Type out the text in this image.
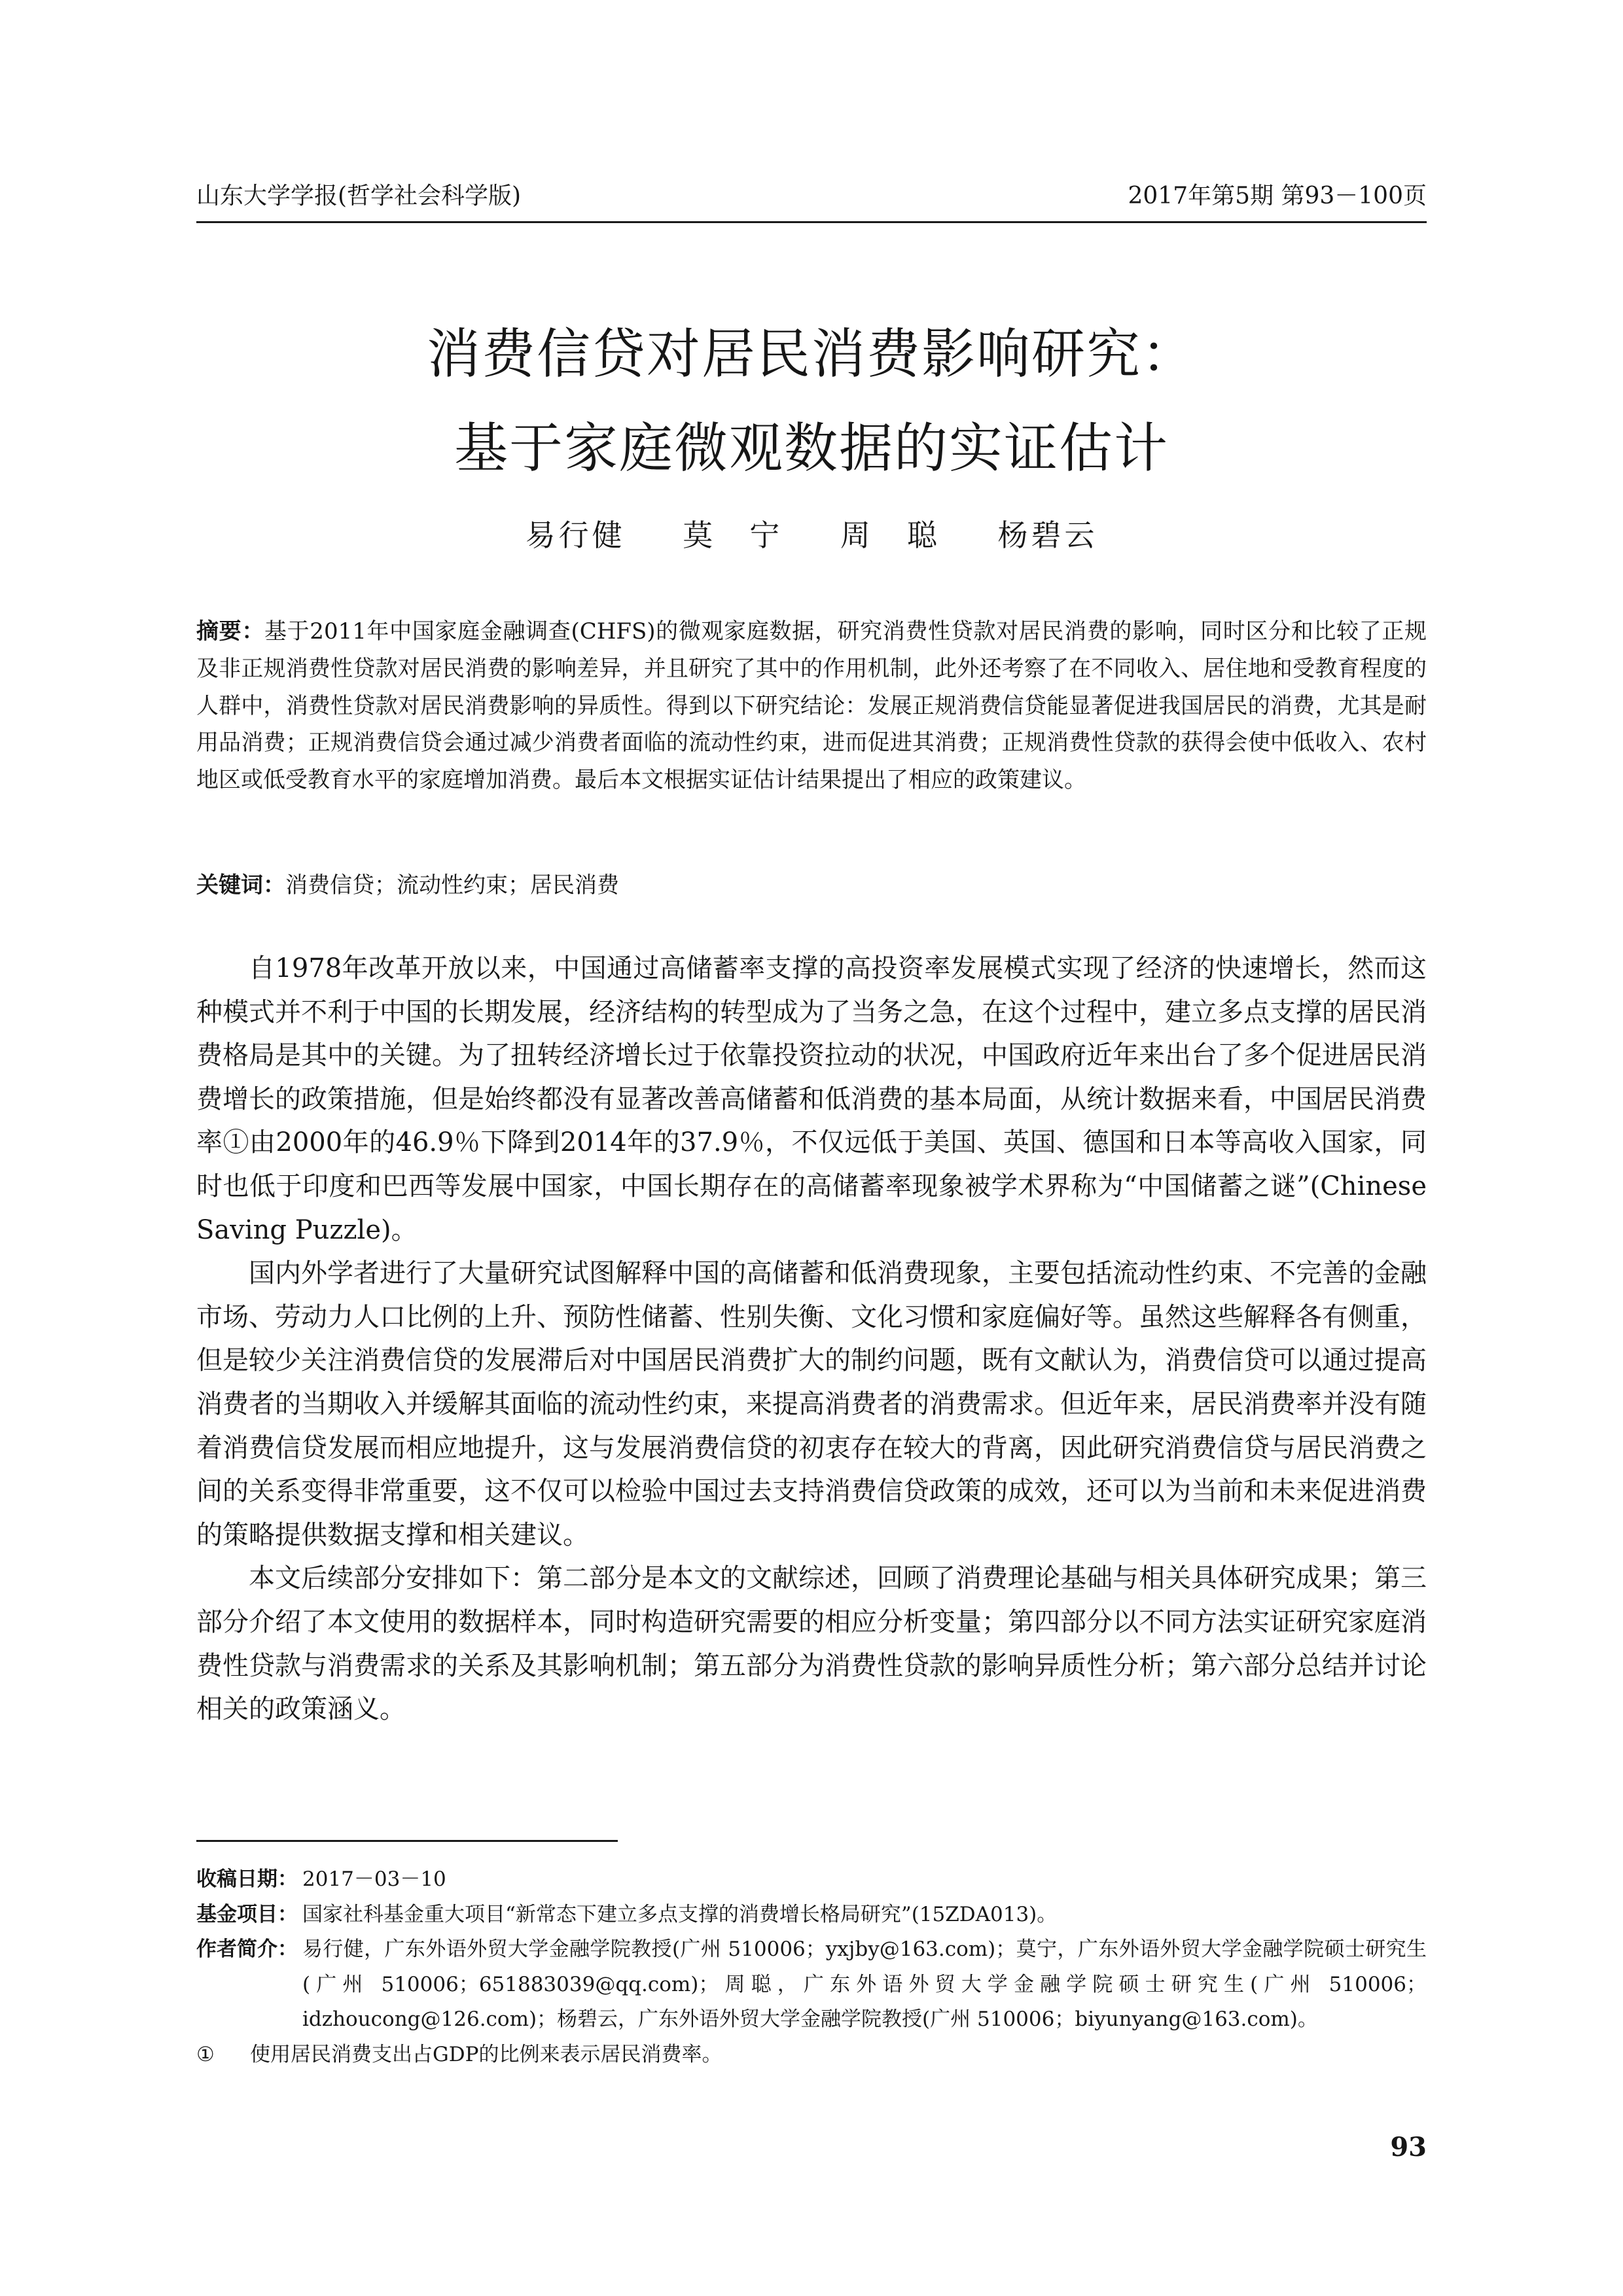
山东大学学报(哲学社会科学版)	2017年第5期 第93－100页
消费信贷对居民消费影响研究：
基于家庭微观数据的实证估计
易行健 莫　宁 周　聪 杨碧云
摘要：基于2011年中国家庭金融调查(CHFS)的微观家庭数据，研究消费性贷款对居民消费的影响，同时区分和比较了正规及非正规消费性贷款对居民消费的影响差异，并且研究了其中的作用机制，此外还考察了在不同收入、居住地和受教育程度的人群中，消费性贷款对居民消费影响的异质性。得到以下研究结论：发展正规消费信贷能显著促进我国居民的消费，尤其是耐用品消费；正规消费信贷会通过减少消费者面临的流动性约束，进而促进其消费；正规消费性贷款的获得会使中低收入、农村地区或低受教育水平的家庭增加消费。最后本文根据实证估计结果提出了相应的政策建议。
关键词：消费信贷；流动性约束；居民消费

自1978年改革开放以来，中国通过高储蓄率支撑的高投资率发展模式实现了经济的快速增长，然而这种模式并不利于中国的长期发展，经济结构的转型成为了当务之急，在这个过程中，建立多点支撑的居民消费格局是其中的关键。为了扭转经济增长过于依靠投资拉动的状况，中国政府近年来出台了多个促进居民消费增长的政策措施，但是始终都没有显著改善高储蓄和低消费的基本局面，从统计数据来看，中国居民消费率①由2000年的46.9％下降到2014年的37.9％，不仅远低于美国、英国、德国和日本等高收入国家，同时也低于印度和巴西等发展中国家，中国长期存在的高储蓄率现象被学术界称为“中国储蓄之谜”(Chinese Saving Puzzle)。

国内外学者进行了大量研究试图解释中国的高储蓄和低消费现象，主要包括流动性约束、不完善的金融市场、劳动力人口比例的上升、预防性储蓄、性别失衡、文化习惯和家庭偏好等。虽然这些解释各有侧重，但是较少关注消费信贷的发展滞后对中国居民消费扩大的制约问题，既有文献认为，消费信贷可以通过提高消费者的当期收入并缓解其面临的流动性约束，来提高消费者的消费需求。但近年来，居民消费率并没有随着消费信贷发展而相应地提升，这与发展消费信贷的初衷存在较大的背离，因此研究消费信贷与居民消费之间的关系变得非常重要，这不仅可以检验中国过去支持消费信贷政策的成效，还可以为当前和未来促进消费的策略提供数据支撑和相关建议。

本文后续部分安排如下：第二部分是本文的文献综述，回顾了消费理论基础与相关具体研究成果；第三部分介绍了本文使用的数据样本，同时构造研究需要的相应分析变量；第四部分以不同方法实证研究家庭消费性贷款与消费需求的关系及其影响机制；第五部分为消费性贷款的影响异质性分析；第六部分总结并讨论相关的政策涵义。

收稿日期： 2017－03－10
基金项目： 国家社科基金重大项目“新常态下建立多点支撑的消费增长格局研究”(15ZDA013)。
作者简介： 易行健，广东外语外贸大学金融学院教授(广州 510006；yxjby@163.com)；莫宁，广东外语外贸大学金融学院硕士研究生(广州 510006；651883039@qq.com)；周聪，广东外语外贸大学金融学院硕士研究生(广州 510006；idzhoucong@126.com)；杨碧云，广东外语外贸大学金融学院教授(广州 510006；biyunyang@163.com)。
①	使用居民消费支出占GDP的比例来表示居民消费率。
93
